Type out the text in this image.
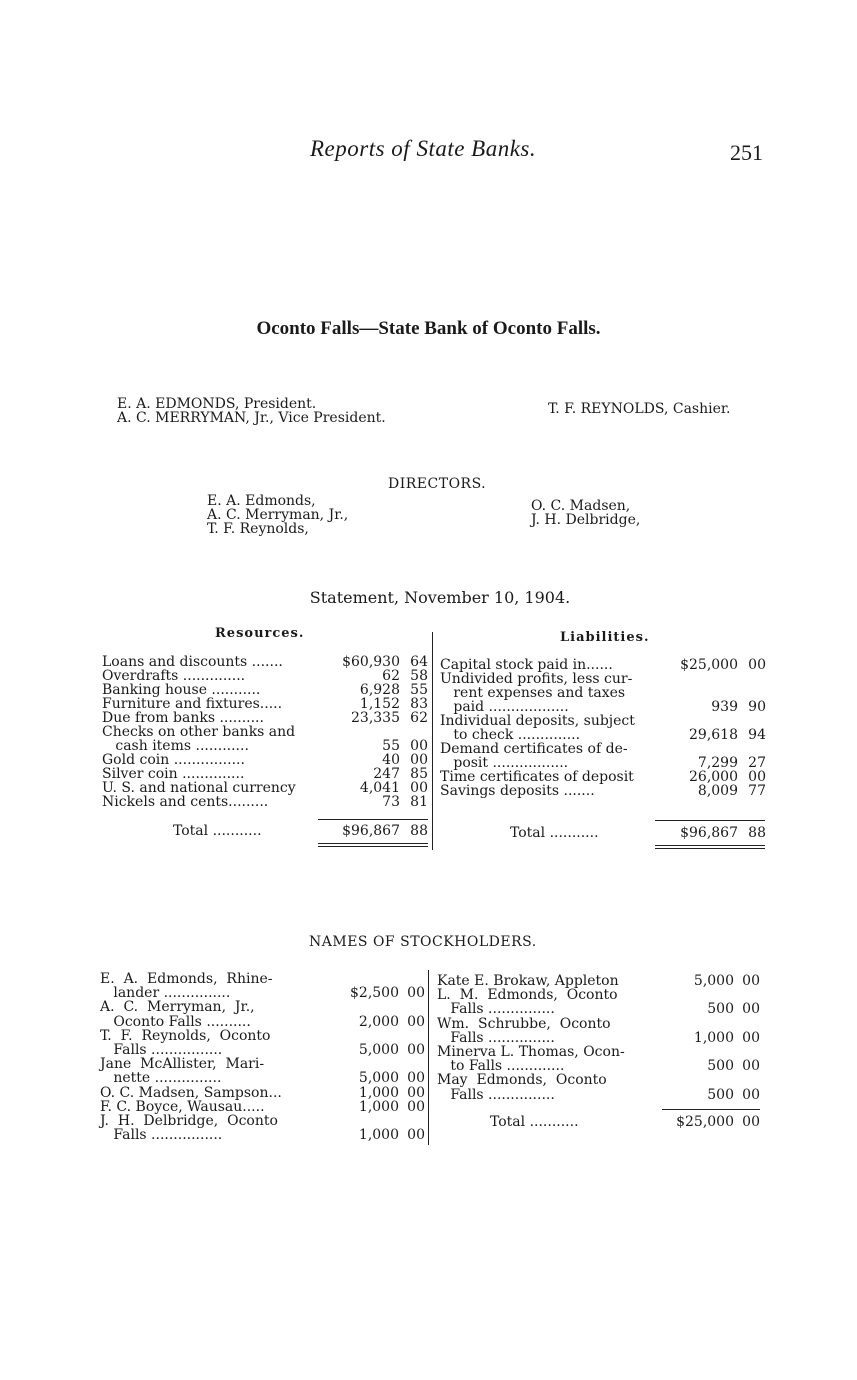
Reports of State Banks.	251
Oconto Falls—State Bank of Oconto Falls.
E. A. EDMONDS, President.
A. C. MERRYMAN, Jr., Vice President.
T. F. REYNOLDS, Cashier.
DIRECTORS.
E. A. Edmonds,
A. C. Merryman, Jr.,
T. F. Reynolds,
O. C. Madsen,
J. H. Delbridge,
Statement, November 10, 1904.
Resources.	Liabilities.
Loans and discounts .......	$60,930 64
Overdrafts ..............	62 58
Banking house ...........	6,928 55
Furniture and fixtures.....	1,152 83
Due from banks ..........	23,335 62
Checks on other banks and
cash items ............	55 00
Gold coin ................	40 00
Silver coin ..............	247 85
U. S. and national currency	4,041 00
Nickels and cents.........	73 81
Capital stock paid in......	$25,000 00
Undivided profits, less cur-
rent expenses and taxes
paid ..................	939 90
Individual deposits, subject
to check ..............	29,618 94
Demand certificates of de-
posit .................	7,299 27
Time certificates of deposit	26,000 00
Savings deposits .......	8,009 77
Total ...........	$96,867 88	Total ...........	$96,867 88
NAMES OF STOCKHOLDERS.
E.  A.  Edmonds,  Rhine-
lander ...............	$2,500 00
A.  C.  Merryman,  Jr.,
Oconto Falls ..........	2,000 00
T.  F.  Reynolds,  Oconto
Falls ................	5,000 00
Jane  McAllister,  Mari-
nette ...............	5,000 00
O. C. Madsen, Sampson...	1,000 00
F. C. Boyce, Wausau.....	1,000 00
J.  H.  Delbridge,  Oconto
Falls ................	1,000 00
Kate E. Brokaw, Appleton	5,000 00
L.  M.  Edmonds,  Oconto
Falls ...............	500 00
Wm.  Schrubbe,  Oconto
Falls ...............	1,000 00
Minerva L. Thomas, Ocon-
to Falls .............	500 00
May  Edmonds,  Oconto
Falls ...............	500 00
Total ...........	$25,000 00
